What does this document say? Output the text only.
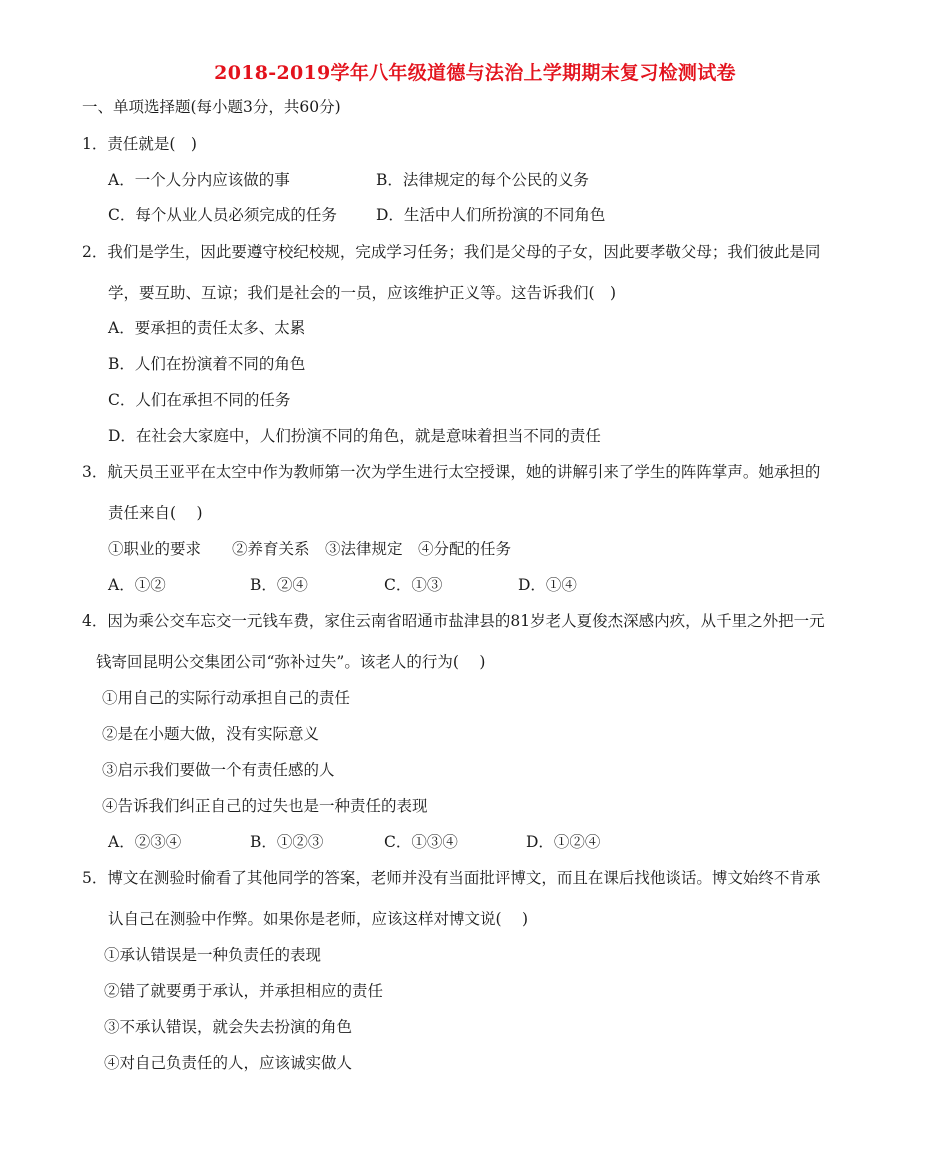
2018-2019学年八年级道德与法治上学期期末复习检测试卷
一、单项选择题(每小题3分，共60分)
1．责任就是(　)
A．一个人分内应该做的事	B．法律规定的每个公民的义务
C．每个从业人员必须完成的任务	D．生活中人们所扮演的不同角色
2．我们是学生，因此要遵守校纪校规，完成学习任务；我们是父母的子女，因此要孝敬父母；我们彼此是同
学，要互助、互谅；我们是社会的一员，应该维护正义等。这告诉我们(　)
A．要承担的责任太多、太累
B．人们在扮演着不同的角色
C．人们在承担不同的任务
D．在社会大家庭中，人们扮演不同的角色，就是意味着担当不同的责任
3．航天员王亚平在太空中作为教师第一次为学生进行太空授课，她的讲解引来了学生的阵阵掌声。她承担的
责任来自(　 )
①职业的要求　　②养育关系　③法律规定　④分配的任务
A．①②	B．②④	C．①③	D．①④
4．因为乘公交车忘交一元钱车费，家住云南省昭通市盐津县的81岁老人夏俊杰深感内疚，从千里之外把一元
钱寄回昆明公交集团公司“弥补过失”。该老人的行为(　 )
①用自己的实际行动承担自己的责任
②是在小题大做，没有实际意义
③启示我们要做一个有责任感的人
④告诉我们纠正自己的过失也是一种责任的表现
A．②③④	B．①②③	C．①③④	D．①②④
5．博文在测验时偷看了其他同学的答案，老师并没有当面批评博文，而且在课后找他谈话。博文始终不肯承
认自己在测验中作弊。如果你是老师，应该这样对博文说(　 )
①承认错误是一种负责任的表现
②错了就要勇于承认，并承担相应的责任
③不承认错误，就会失去扮演的角色
④对自己负责任的人，应该诚实做人
